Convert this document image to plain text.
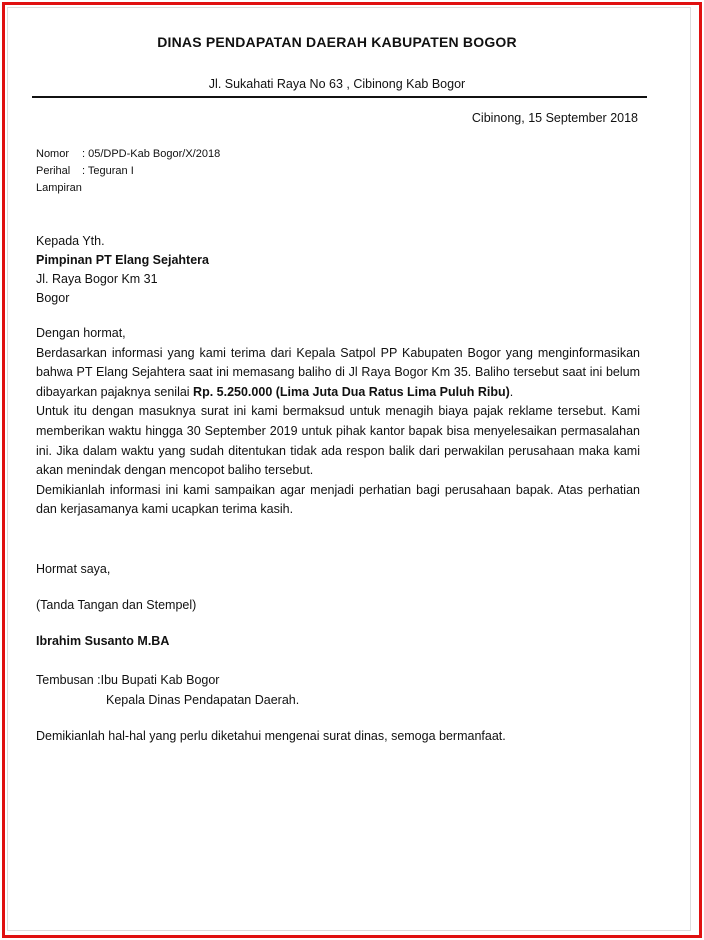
DINAS PENDAPATAN DAERAH KABUPATEN BOGOR
Jl. Sukahati Raya No 63 , Cibinong Kab Bogor
Cibinong, 15 September 2018
Nomor	: 05/DPD-Kab Bogor/X/2018
Perihal	: Teguran I
Lampiran
Kepada Yth.
Pimpinan PT Elang Sejahtera
Jl. Raya Bogor Km 31
Bogor

Dengan hormat,

Berdasarkan informasi yang kami terima dari Kepala Satpol PP Kabupaten Bogor yang menginformasikan bahwa PT Elang Sejahtera saat ini memasang baliho di Jl Raya Bogor Km 35. Baliho tersebut saat ini belum dibayarkan pajaknya senilai Rp. 5.250.000 (Lima Juta Dua Ratus Lima Puluh Ribu).

Untuk itu dengan masuknya surat ini kami bermaksud untuk menagih biaya pajak reklame tersebut. Kami memberikan waktu hingga 30 September 2019 untuk pihak kantor bapak bisa menyelesaikan permasalahan ini. Jika dalam waktu yang sudah ditentukan tidak ada respon balik dari perwakilan perusahaan maka kami akan menindak dengan mencopot baliho tersebut.

Demikianlah informasi ini kami sampaikan agar menjadi perhatian bagi perusahaan bapak. Atas perhatian dan kerjasamanya kami ucapkan terima kasih.

Hormat saya,
(Tanda Tangan dan Stempel)
Ibrahim Susanto M.BA
Tembusan : Ibu Bupati Kab Bogor
Kepala Dinas Pendapatan Daerah.
Demikianlah hal-hal yang perlu diketahui mengenai surat dinas, semoga bermanfaat.
